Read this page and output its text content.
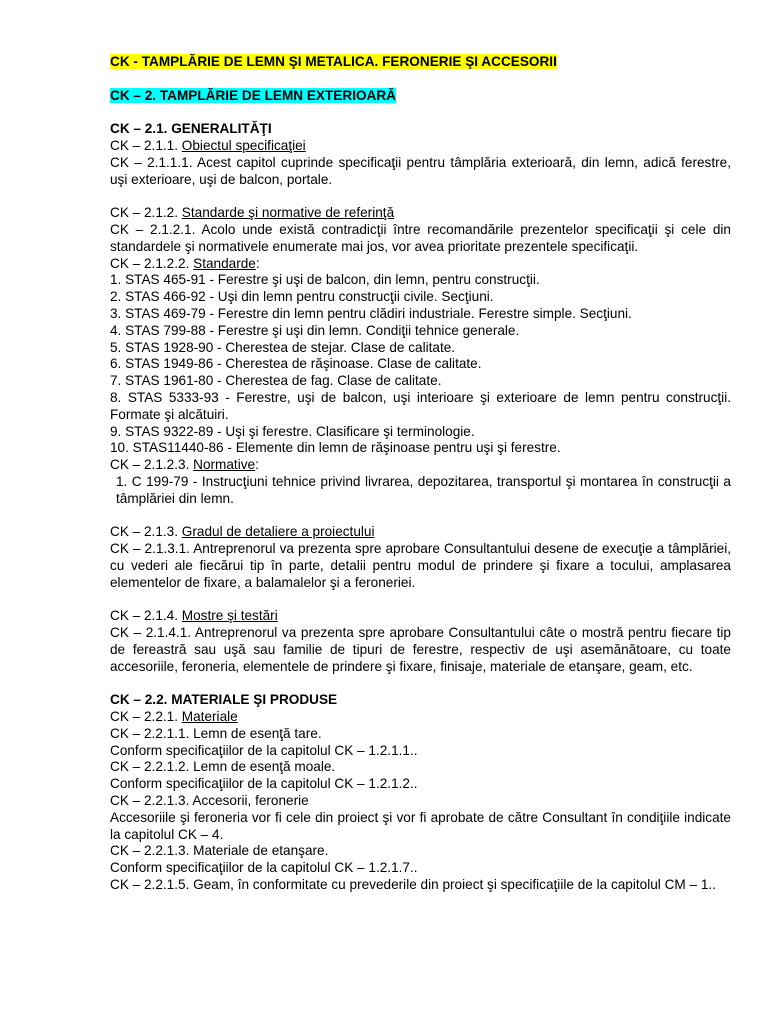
CK - TAMPLĂRIE DE LEMN ŞI METALICA. FERONERIE ŞI ACCESORII

CK – 2. TAMPLĂRIE DE LEMN EXTERIOARĂ

CK – 2.1. GENERALITĂŢI

CK – 2.1.1. Obiectul specificaţiei

CK – 2.1.1.1. Acest capitol cuprinde specificaţii pentru tâmplăria exterioară, din lemn, adică ferestre, uşi exterioare, uşi de balcon, portale.

CK – 2.1.2. Standarde şi normative de referinţă

CK – 2.1.2.1. Acolo unde există contradicţii între recomandările prezentelor specificaţii şi cele din standardele şi normativele enumerate mai jos, vor avea prioritate prezentele specificaţii.

CK – 2.1.2.2. Standarde:

1. STAS 465-91 - Ferestre şi uşi de balcon, din lemn, pentru construcţii.

2. STAS 466-92 - Uşi din lemn pentru construcţii civile. Secţiuni.

3. STAS 469-79 - Ferestre din lemn pentru clădiri industriale. Ferestre simple. Secţiuni.

4. STAS 799-88 - Ferestre şi uşi din lemn. Condiţii tehnice generale.

5. STAS 1928-90 - Cherestea de stejar. Clase de calitate.

6. STAS 1949-86 - Cherestea de răşinoase. Clase de calitate.

7. STAS 1961-80 - Cherestea de fag. Clase de calitate.

8. STAS 5333-93 - Ferestre, uşi de balcon, uşi interioare şi exterioare de lemn pentru construcţii. Formate şi alcătuiri.

9. STAS 9322-89 - Uşi şi ferestre. Clasificare şi terminologie.

10. STAS11440-86 - Elemente din lemn de răşinoase pentru uşi şi ferestre.

CK – 2.1.2.3. Normative:

1. C 199-79 - Instrucţiuni tehnice privind livrarea, depozitarea, transportul şi montarea în construcţii a tâmplăriei din lemn.

CK – 2.1.3. Gradul de detaliere a proiectului

CK – 2.1.3.1. Antreprenorul va prezenta spre aprobare Consultantului desene de execuţie a tâmplăriei, cu vederi ale fiecărui tip în parte, detalii pentru modul de prindere şi fixare a tocului, amplasarea elementelor de fixare, a balamalelor şi a feroneriei.

CK – 2.1.4. Mostre şi testări

CK – 2.1.4.1. Antreprenorul va prezenta spre aprobare Consultantului câte o mostră pentru fiecare tip de fereastră sau uşă sau familie de tipuri de ferestre, respectiv de uşi asemănătoare, cu toate accesoriile, feroneria, elementele de prindere şi fixare, finisaje, materiale de etanşare, geam, etc.

CK – 2.2. MATERIALE ŞI PRODUSE

CK – 2.2.1. Materiale

CK – 2.2.1.1. Lemn de esenţă tare.

Conform specificaţiilor de la capitolul CK – 1.2.1.1..

CK – 2.2.1.2. Lemn de esenţă moale.

Conform specificaţiilor de la capitolul CK – 1.2.1.2..

CK – 2.2.1.3. Accesorii, feronerie

Accesoriile şi feroneria vor fi cele din proiect şi vor fi aprobate de către Consultant în condiţiile indicate la capitolul CK – 4.

CK – 2.2.1.3. Materiale de etanşare.

Conform specificaţiilor de la capitolul CK – 1.2.1.7..

CK – 2.2.1.5. Geam, în conformitate cu prevederile din proiect şi specificaţiile de la capitolul CM – 1..
